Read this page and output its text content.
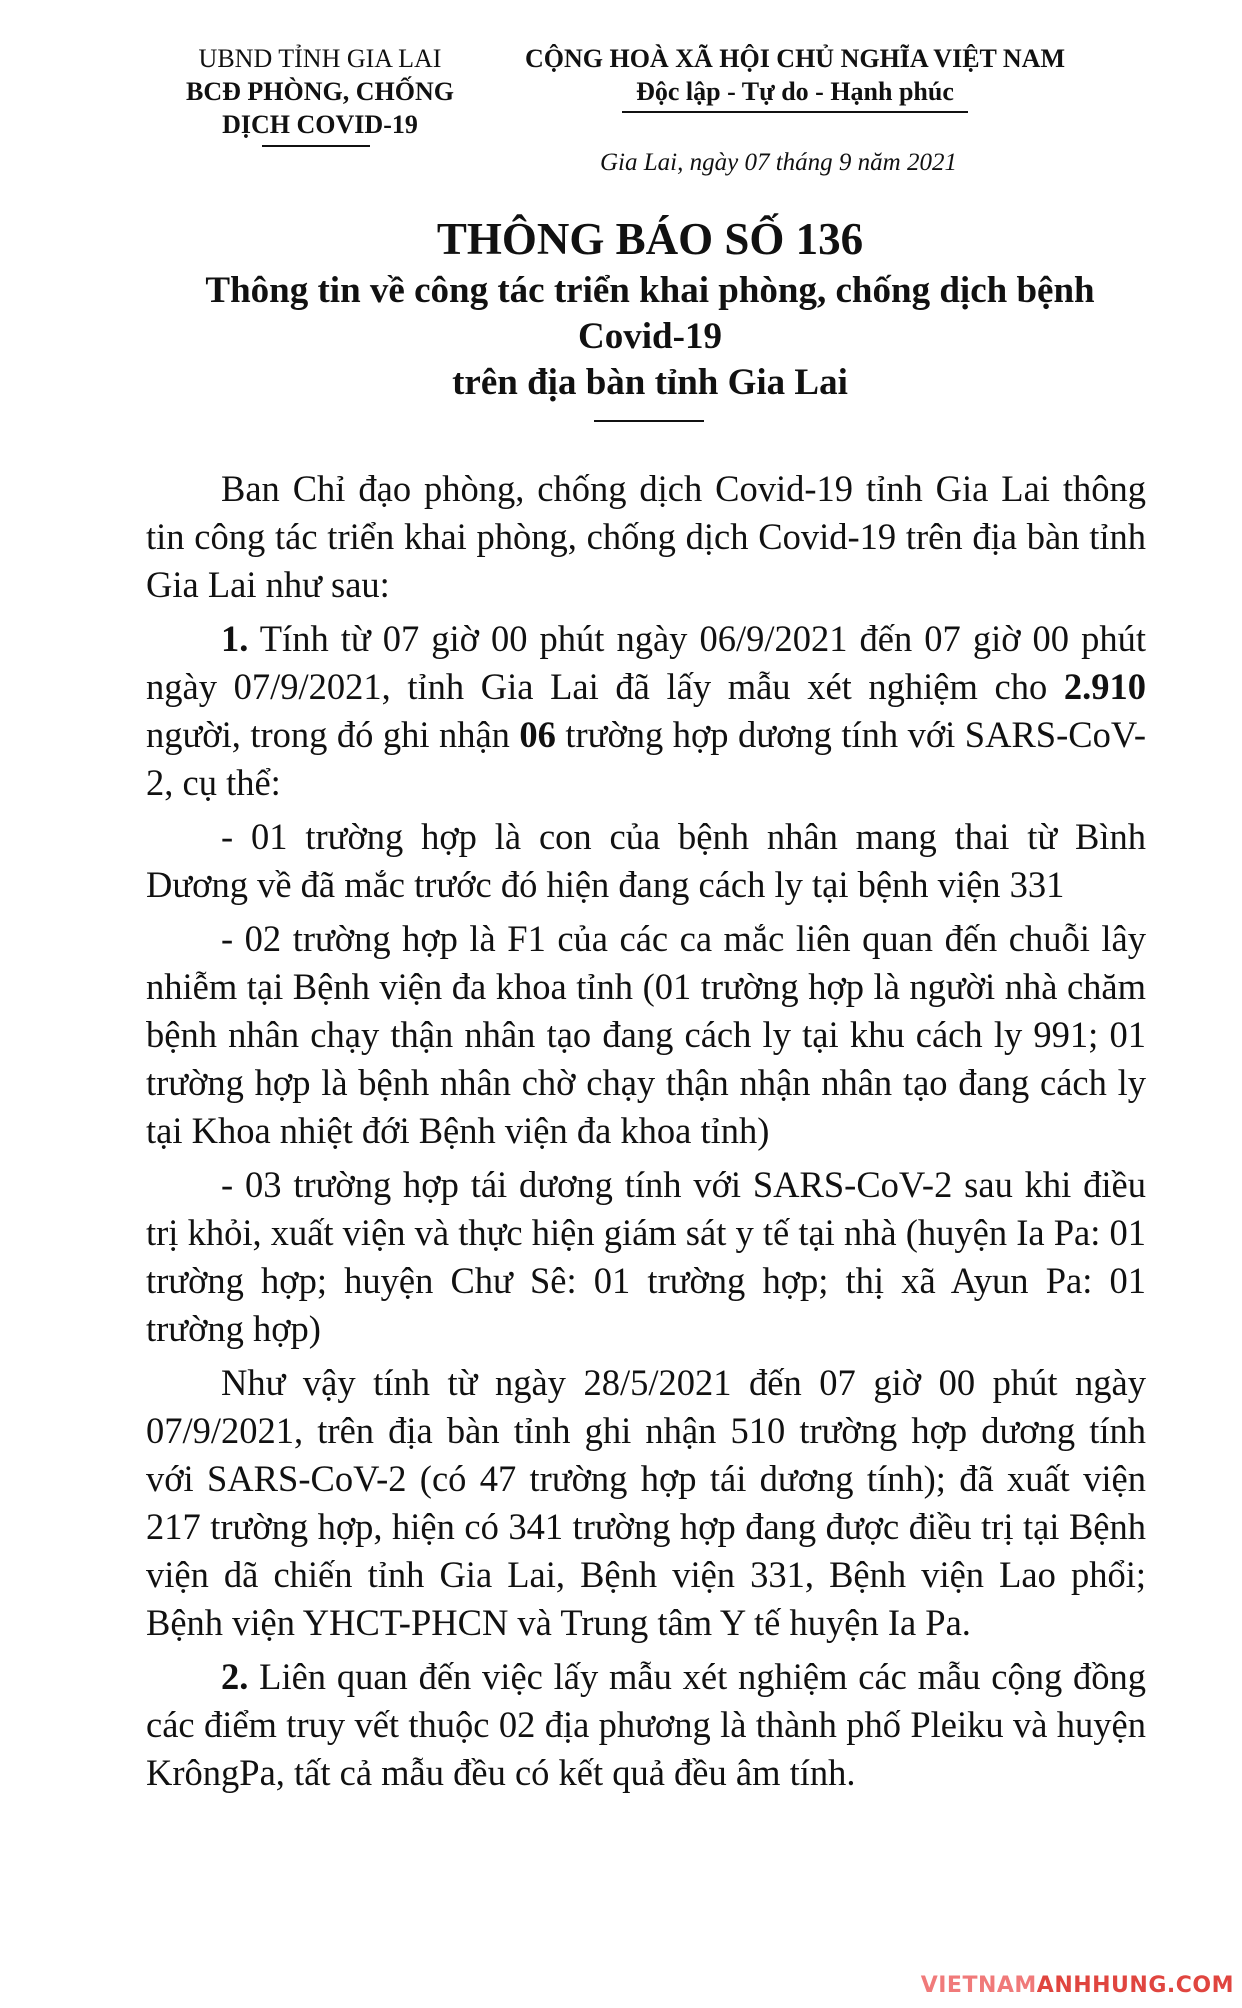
UBND TỈNH GIA LAI
BCĐ PHÒNG, CHỐNG
DỊCH COVID-19
CỘNG HOÀ XÃ HỘI CHỦ NGHĨA VIỆT NAM
Độc lập - Tự do - Hạnh phúc
Gia Lai, ngày 07 tháng 9 năm 2021
THÔNG BÁO SỐ 136
Thông tin về công tác triển khai phòng, chống dịch bệnh
Covid-19
trên địa bàn tỉnh Gia Lai

Ban Chỉ đạo phòng, chống dịch Covid-19 tỉnh Gia Lai thông tin công tác triển khai phòng, chống dịch Covid-19 trên địa bàn tỉnh Gia Lai như sau:

1. Tính từ 07 giờ 00 phút ngày 06/9/2021 đến 07 giờ 00 phút ngày 07/9/2021, tỉnh Gia Lai đã lấy mẫu xét nghiệm cho 2.910 người, trong đó ghi nhận 06 trường hợp dương tính với SARS-CoV-2, cụ thể:

- 01 trường hợp là con của bệnh nhân mang thai từ Bình Dương về đã mắc trước đó hiện đang cách ly tại bệnh viện 331

- 02 trường hợp là F1 của các ca mắc liên quan đến chuỗi lây nhiễm tại Bệnh viện đa khoa tỉnh (01 trường hợp là người nhà chăm bệnh nhân chạy thận nhân tạo đang cách ly tại khu cách ly 991; 01 trường hợp là bệnh nhân chờ chạy thận nhận nhân tạo đang cách ly tại Khoa nhiệt đới Bệnh viện đa khoa tỉnh)

- 03 trường hợp tái dương tính với SARS-CoV-2 sau khi điều trị khỏi, xuất viện và thực hiện giám sát y tế tại nhà (huyện Ia Pa: 01 trường hợp; huyện Chư Sê: 01 trường hợp; thị xã Ayun Pa: 01 trường hợp)

Như vậy tính từ ngày 28/5/2021 đến 07 giờ 00 phút ngày 07/9/2021, trên địa bàn tỉnh ghi nhận 510 trường hợp dương tính với SARS-CoV-2 (có 47 trường hợp tái dương tính); đã xuất viện 217 trường hợp, hiện có 341 trường hợp đang được điều trị tại Bệnh viện dã chiến tỉnh Gia Lai, Bệnh viện 331, Bệnh viện Lao phổi; Bệnh viện YHCT-PHCN và Trung tâm Y tế huyện Ia Pa.

2. Liên quan đến việc lấy mẫu xét nghiệm các mẫu cộng đồng các điểm truy vết thuộc 02 địa phương là thành phố Pleiku và huyện KrôngPa, tất cả mẫu đều có kết quả đều âm tính.

VIETNAMANHHUNG.COM
